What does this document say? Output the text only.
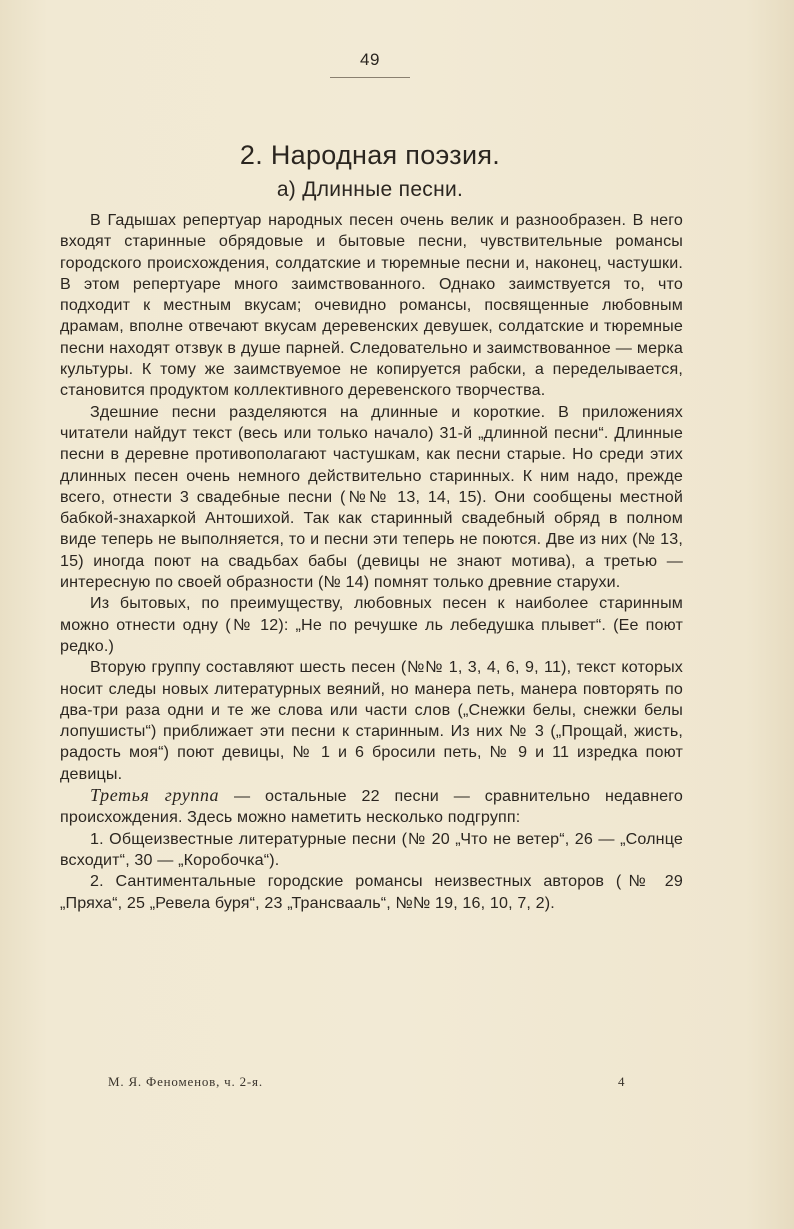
49
2. Народная поэзия.
а) Длинные песни.

В Гадышах репертуар народных песен очень велик и разнообразен. В него входят старинные обрядовые и бытовые песни, чувствительные романсы городского происхождения, солдатские и тюремные песни и, наконец, частушки. В этом репертуаре много заимствованного. Однако заимствуется то, что подходит к местным вкусам; очевидно романсы, посвященные любовным драмам, вполне отвечают вкусам деревенских девушек, солдатские и тюремные песни находят отзвук в душе парней. Следовательно и заимствованное — мерка культуры. К тому же заимствуемое не копируется рабски, а переделывается, становится продуктом коллективного деревенского творчества.

Здешние песни разделяются на длинные и короткие. В приложениях читатели найдут текст (весь или только начало) 31-й „длинной песни“. Длинные песни в деревне противополагают частушкам, как песни старые. Но среди этих длинных песен очень немного действительно старинных. К ним надо, прежде всего, отнести 3 свадебные песни (№№ 13, 14, 15). Они сообщены местной бабкой-знахаркой Антошихой. Так как старинный свадебный обряд в полном виде теперь не выполняется, то и песни эти теперь не поются. Две из них (№ 13, 15) иногда поют на свадьбах бабы (девицы не знают мотива), а третью — интересную по своей образности (№ 14) помнят только древние старухи.

Из бытовых, по преимуществу, любовных песен к наиболее старинным можно отнести одну (№ 12): „Не по речушке ль лебедушка плывет“. (Ее поют редко.)

Вторую группу составляют шесть песен (№№ 1, 3, 4, 6, 9, 11), текст которых носит следы новых литературных веяний, но манера петь, манера повторять по два-три раза одни и те же слова или части слов („Снежки белы, снежки белы лопушисты“) приближает эти песни к старинным. Из них № 3 („Прощай, жисть, радость моя“) поют девицы, № 1 и 6 бросили петь, № 9 и 11 изредка поют девицы.

Третья группа — остальные 22 песни — сравнительно недавнего происхождения. Здесь можно наметить несколько подгрупп:

1. Общеизвестные литературные песни (№ 20 „Что не ветер“, 26 — „Солнце всходит“, 30 — „Коробочка“).

2. Сантиментальные городские романсы неизвестных авторов (№ 29 „Пряха“, 25 „Ревела буря“, 23 „Трансвааль“, №№ 19, 16, 10, 7, 2).

М. Я. Феноменов, ч. 2-я.	4
